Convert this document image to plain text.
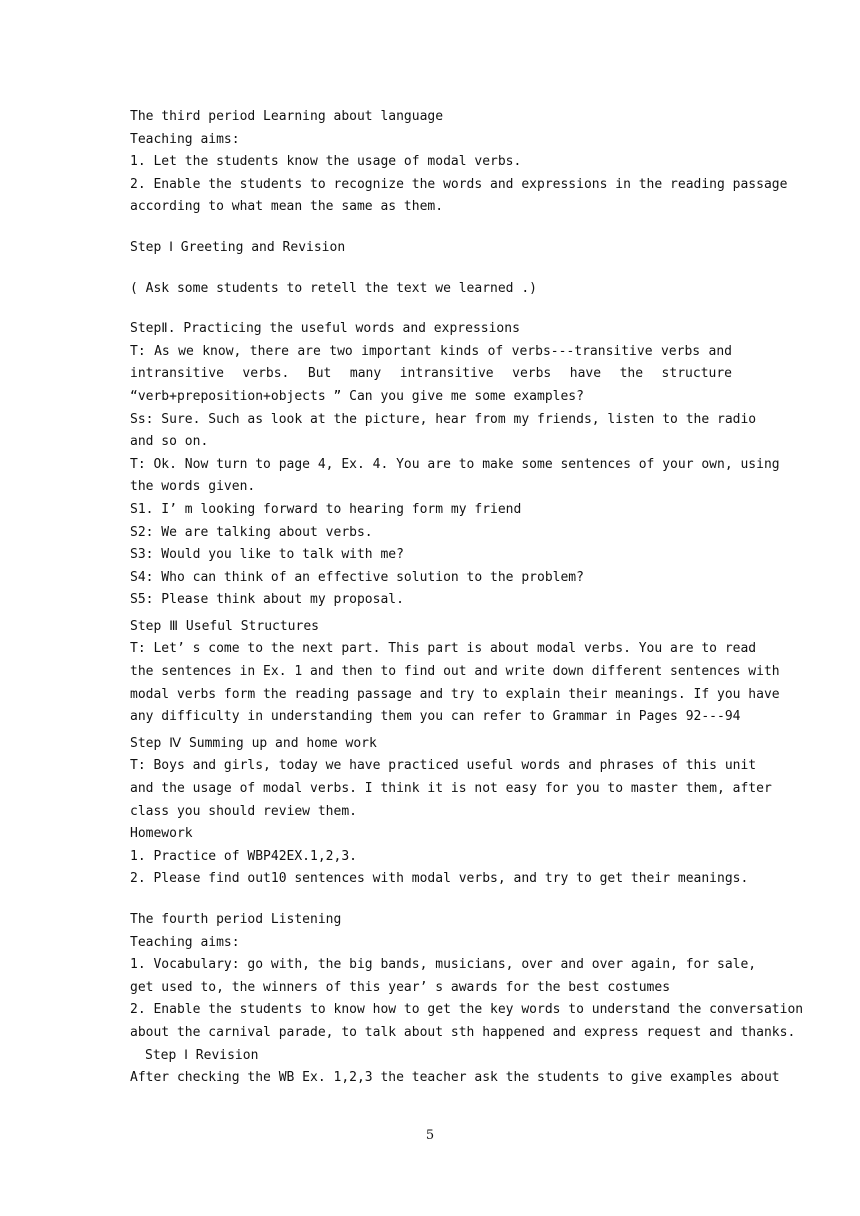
The third period Learning about language
Teaching aims:
1. Let the students know the usage of modal verbs.
2. Enable the students to recognize the words and expressions in the reading passage
according to what mean the same as them.
Step Ⅰ Greeting and Revision
( Ask some students to retell the text we learned .)
StepⅡ. Practicing the useful words and expressions
T: As we know, there are two important kinds of verbs---transitive verbs and
intransitive verbs. But many intransitive verbs have the structure
“verb+preposition+objects ” Can you give me some examples?
Ss: Sure. Such as look at the picture, hear from my friends, listen to the radio
and so on.
T: Ok. Now turn to page 4, Ex. 4. You are to make some sentences of your own, using
the words given.
S1. I’ m looking forward to hearing form my friend
S2: We are talking about verbs.
S3: Would you like to talk with me?
S4: Who can think of an effective solution to the problem?
S5: Please think about my proposal.
Step Ⅲ Useful Structures
T: Let’ s come to the next part. This part is about modal verbs. You are to read
the sentences in Ex. 1 and then to find out and write down different sentences with
modal verbs form the reading passage and try to explain their meanings. If you have
any difficulty in understanding them you can refer to Grammar in Pages 92---94
Step Ⅳ Summing up and home work
T: Boys and girls, today we have practiced useful words and phrases of this unit
and the usage of modal verbs. I think it is not easy for you to master them, after
class you should review them.
Homework
1. Practice of WBP42EX.1,2,3.
2. Please find out10 sentences with modal verbs, and try to get their meanings.
The fourth period Listening
Teaching aims:
1. Vocabulary: go with, the big bands, musicians, over and over again, for sale,
get used to, the winners of this year’ s awards for the best costumes
2. Enable the students to know how to get the key words to understand the conversation
about the carnival parade, to talk about sth happened and express request and thanks.
Step Ⅰ Revision
After checking the WB Ex. 1,2,3 the teacher ask the students to give examples about
5
